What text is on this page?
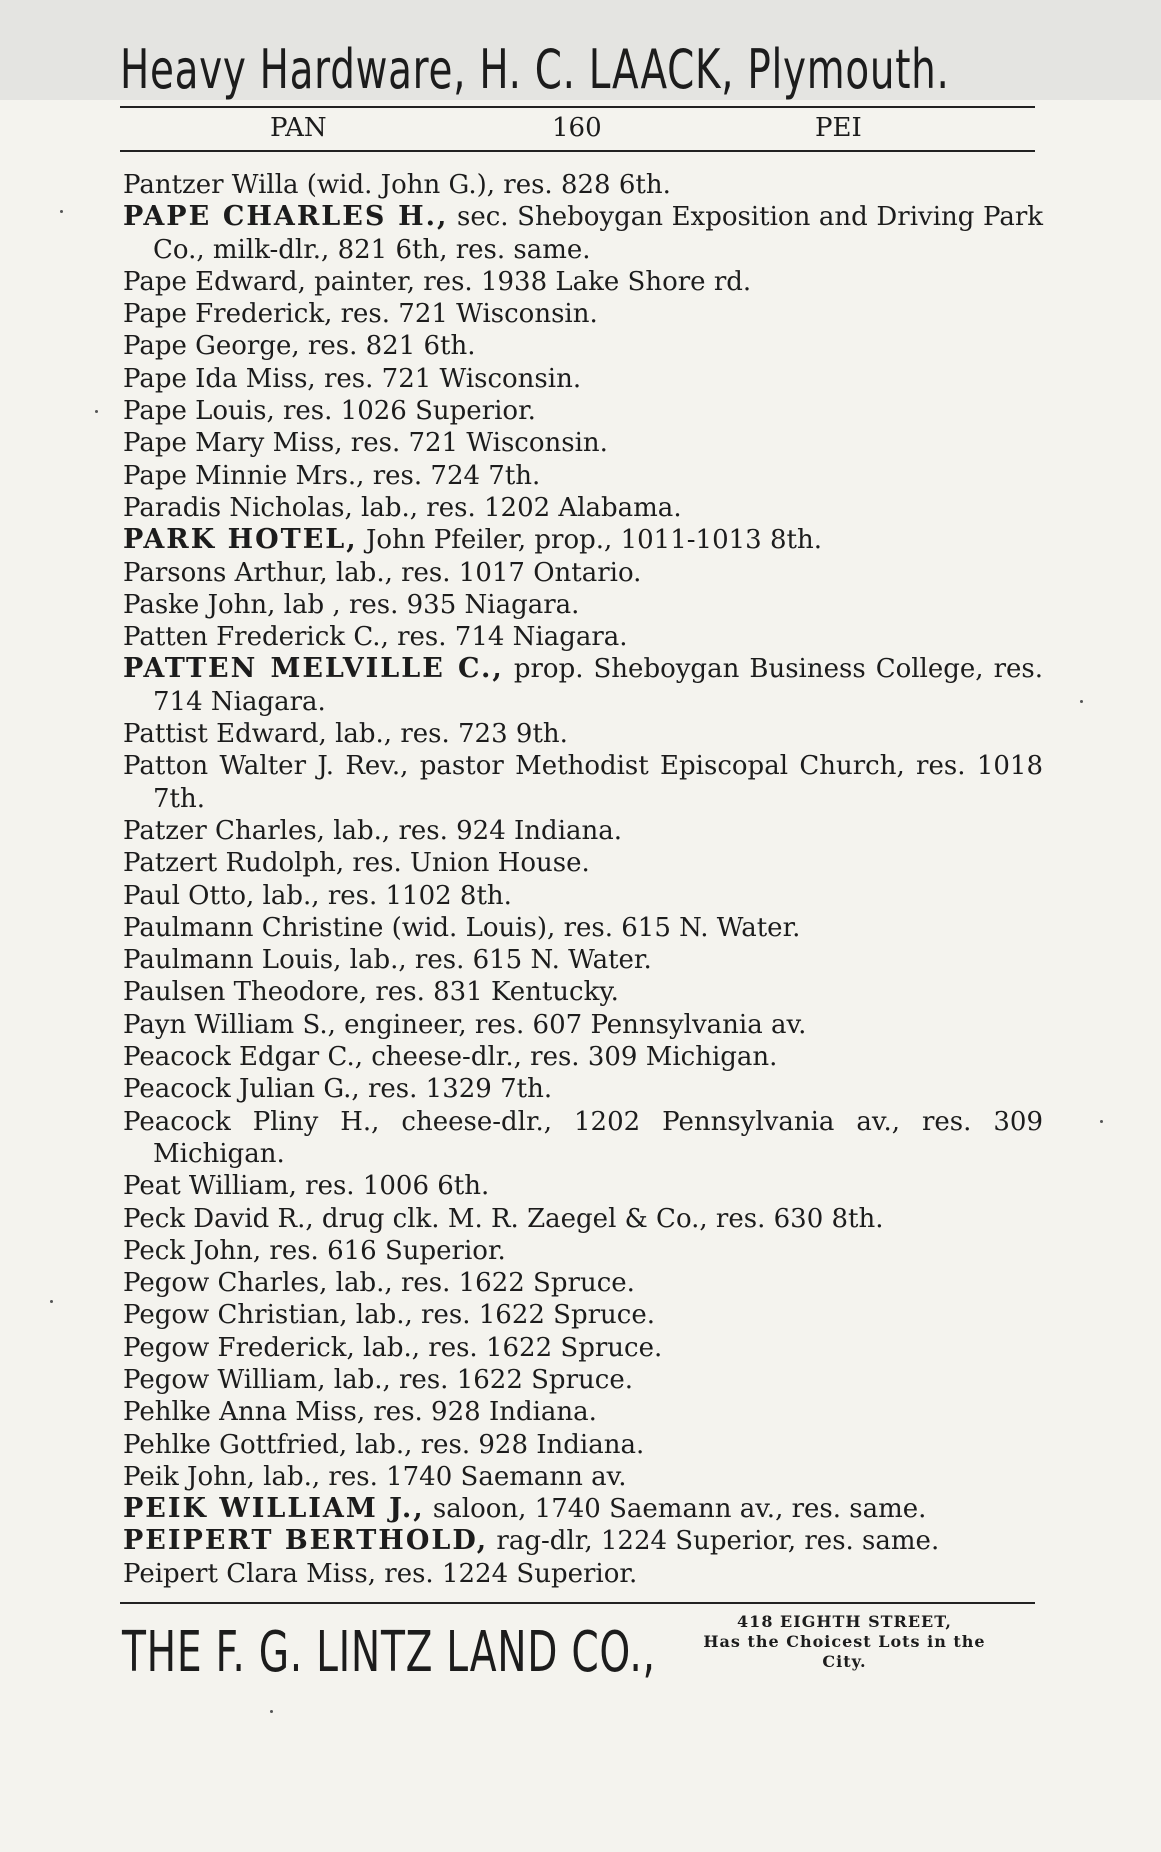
Heavy Hardware, H. C. LAACK, Plymouth.
PAN	160	PEI
Pantzer Willa (wid. John G.), res. 828 6th.
PAPE CHARLES H., sec. Sheboygan Exposition and Driving Park Co., milk-dlr., 821 6th, res. same.
Pape Edward, painter, res. 1938 Lake Shore rd.
Pape Frederick, res. 721 Wisconsin.
Pape George, res. 821 6th.
Pape Ida Miss, res. 721 Wisconsin.
Pape Louis, res. 1026 Superior.
Pape Mary Miss, res. 721 Wisconsin.
Pape Minnie Mrs., res. 724 7th.
Paradis Nicholas, lab., res. 1202 Alabama.
PARK HOTEL, John Pfeiler, prop., 1011-1013 8th.
Parsons Arthur, lab., res. 1017 Ontario.
Paske John, lab , res. 935 Niagara.
Patten Frederick C., res. 714 Niagara.
PATTEN MELVILLE C., prop. Sheboygan Business College, res. 714 Niagara.
Pattist Edward, lab., res. 723 9th.
Patton Walter J. Rev., pastor Methodist Episcopal Church, res. 1018 7th.
Patzer Charles, lab., res. 924 Indiana.
Patzert Rudolph, res. Union House.
Paul Otto, lab., res. 1102 8th.
Paulmann Christine (wid. Louis), res. 615 N. Water.
Paulmann Louis, lab., res. 615 N. Water.
Paulsen Theodore, res. 831 Kentucky.
Payn William S., engineer, res. 607 Pennsylvania av.
Peacock Edgar C., cheese-dlr., res. 309 Michigan.
Peacock Julian G., res. 1329 7th.
Peacock Pliny H., cheese-dlr., 1202 Pennsylvania av., res. 309 Michigan.
Peat William, res. 1006 6th.
Peck David R., drug clk. M. R. Zaegel & Co., res. 630 8th.
Peck John, res. 616 Superior.
Pegow Charles, lab., res. 1622 Spruce.
Pegow Christian, lab., res. 1622 Spruce.
Pegow Frederick, lab., res. 1622 Spruce.
Pegow William, lab., res. 1622 Spruce.
Pehlke Anna Miss, res. 928 Indiana.
Pehlke Gottfried, lab., res. 928 Indiana.
Peik John, lab., res. 1740 Saemann av.
PEIK WILLIAM J., saloon, 1740 Saemann av., res. same.
PEIPERT BERTHOLD, rag-dlr, 1224 Superior, res. same.
Peipert Clara Miss, res. 1224 Superior.
THE F. G. LINTZ LAND CO.,	418 EIGHTH STREET,
Has the Choicest Lots in the
City.
